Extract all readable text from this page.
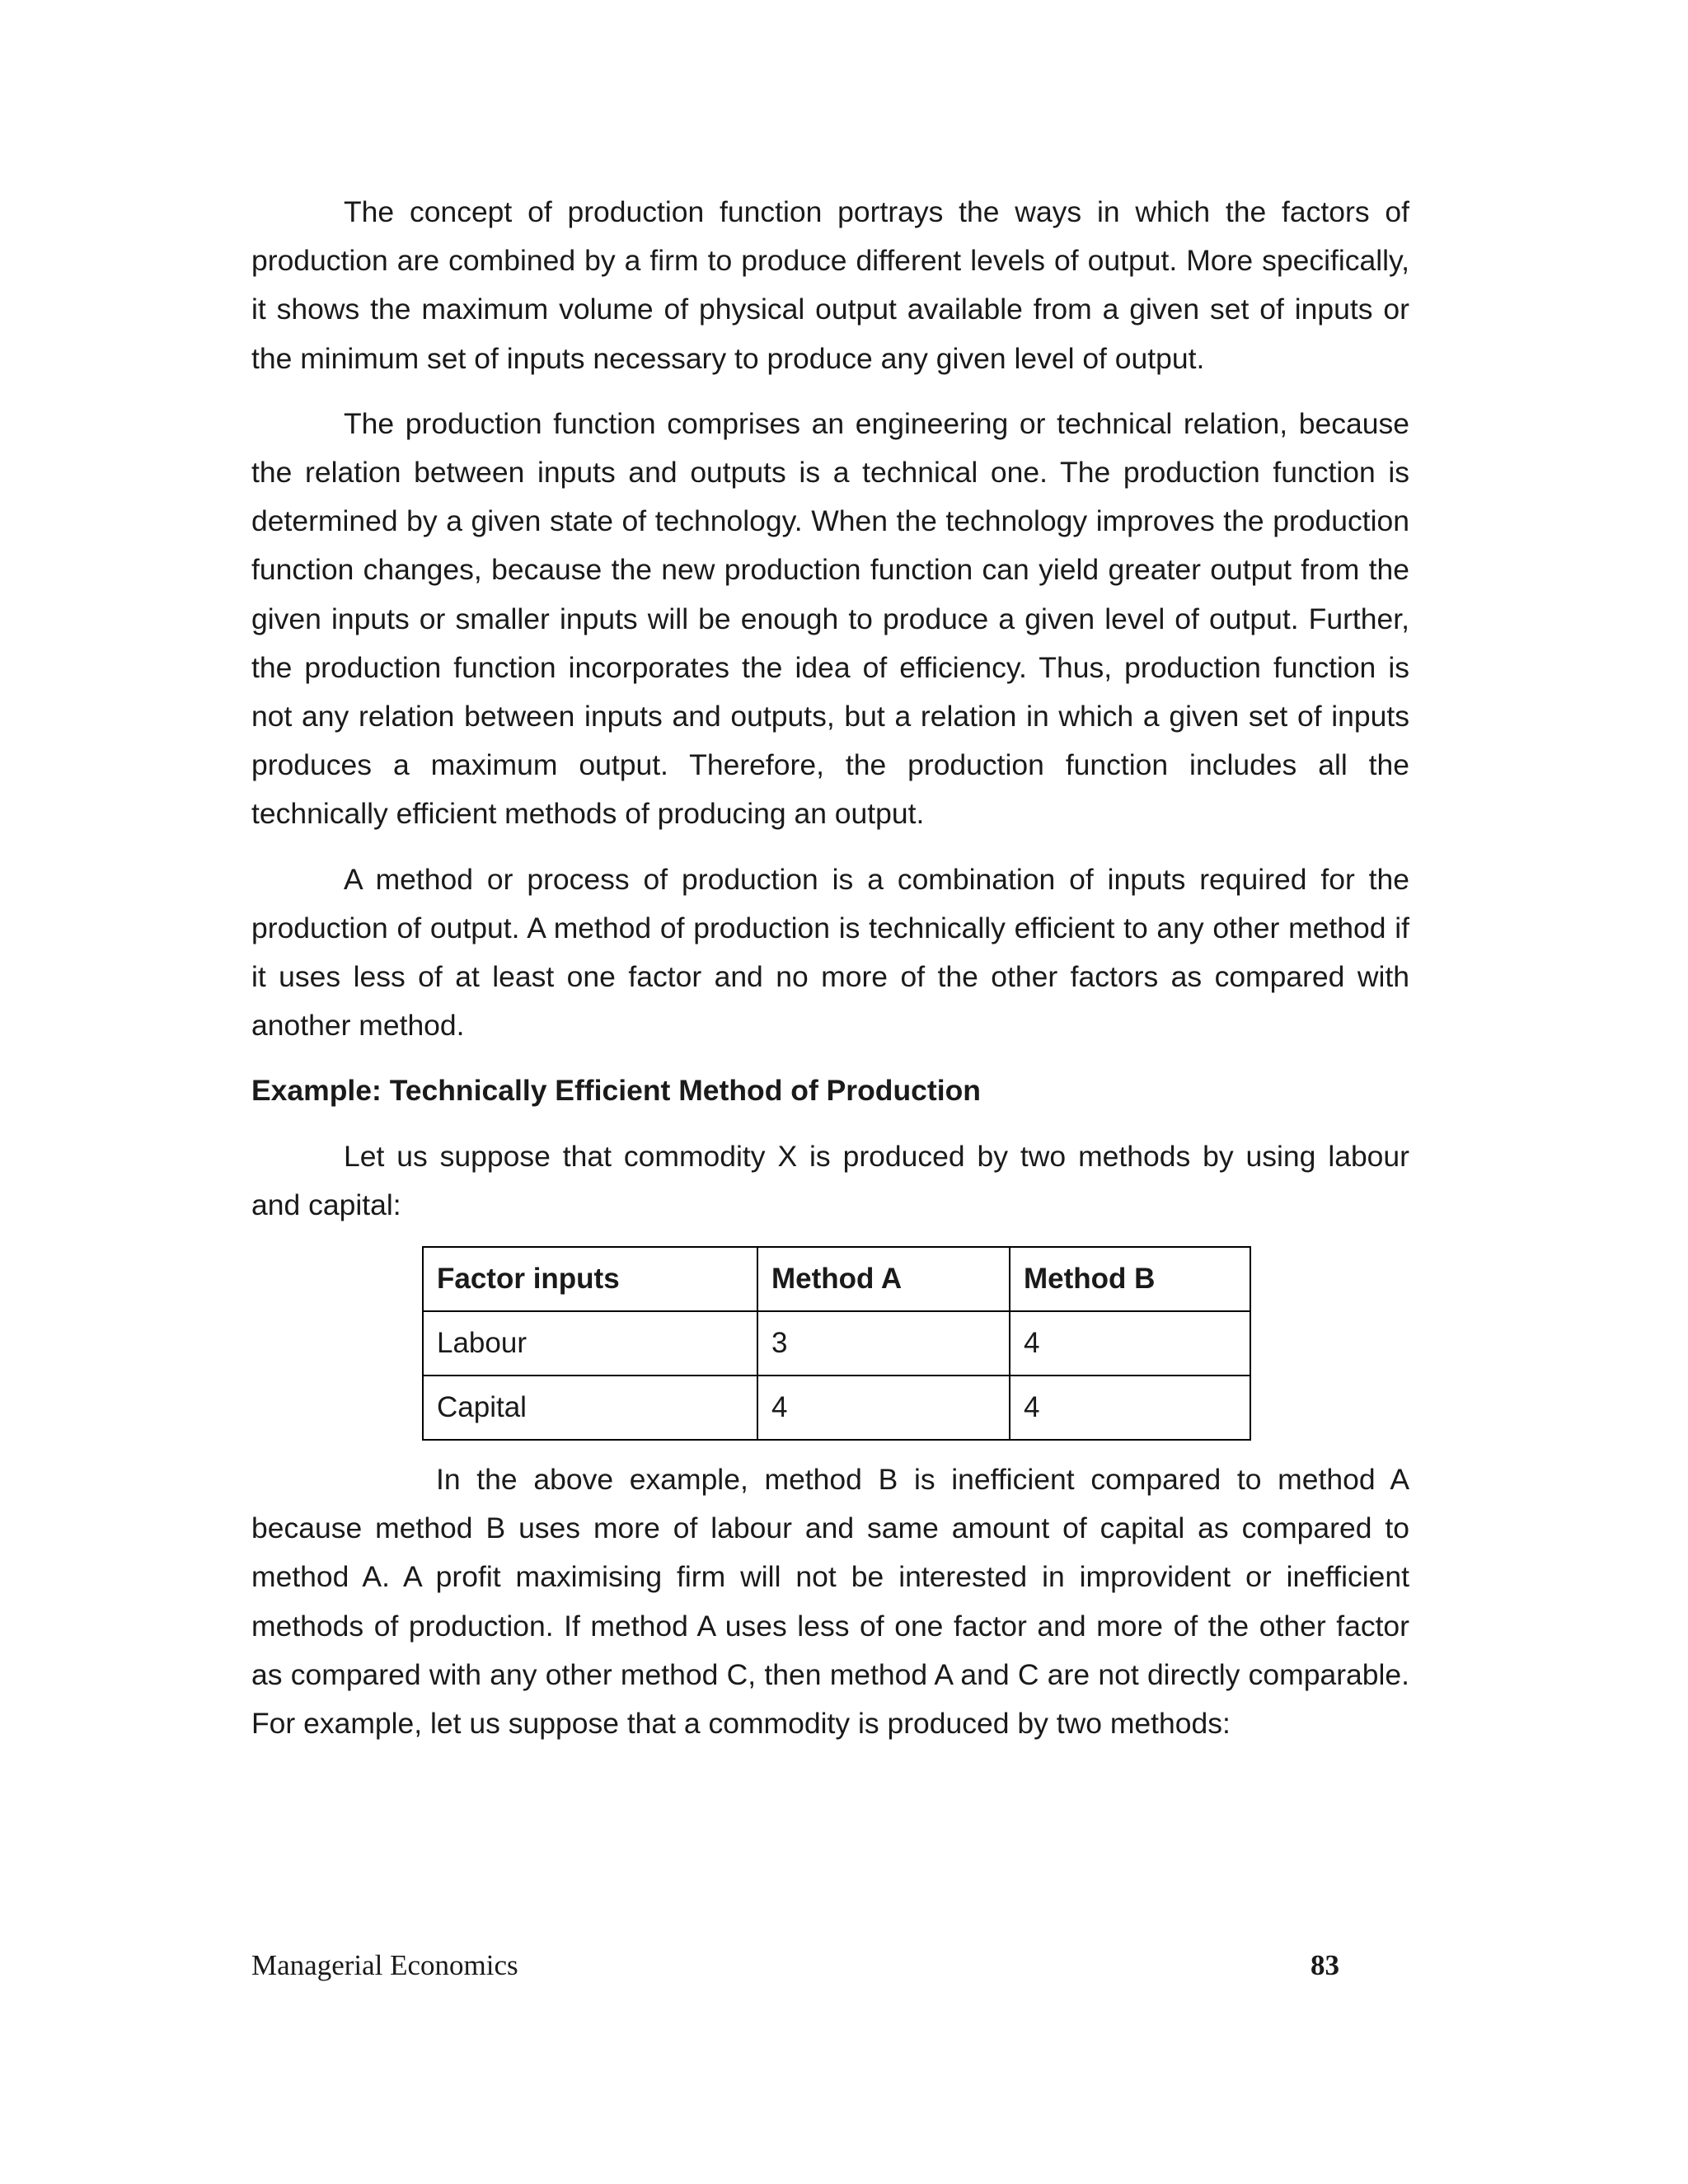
The concept of production function portrays the ways in which the factors of production are combined by a firm to produce different levels of output. More specifically, it shows the maximum volume of physical output available from a given set of inputs or the minimum set of inputs necessary to produce any given level of output.

The production function comprises an engineering or technical relation, because the relation between inputs and outputs is a technical one. The production function is determined by a given state of technology. When the technology improves the production function changes, because the new production function can yield greater output from the given inputs or smaller inputs will be enough to produce a given level of output. Further, the production function incorporates the idea of efficiency. Thus, production function is not any relation between inputs and outputs, but a relation in which a given set of inputs produces a maximum output. Therefore, the production function includes all the technically efficient methods of producing an output.

A method or process of production is a combination of inputs required for the production of output. A method of production is technically efficient to any other method if it uses less of at least one factor and no more of the other factors as compared with another method.

Example: Technically Efficient Method of Production

Let us suppose that commodity X is produced by two methods by using labour and capital:

Factor inputs	Method A	Method B
Labour	3	4
Capital	4	4

In the above example, method B is inefficient compared to method A because method B uses more of labour and same amount of capital as compared to method A. A profit maximising firm will not be interested in improvident or inefficient methods of production. If method A uses less of one factor and more of the other factor as compared with any other method C, then method A and C are not directly comparable. For example, let us suppose that a commodity is produced by two methods:

Managerial Economics	83
